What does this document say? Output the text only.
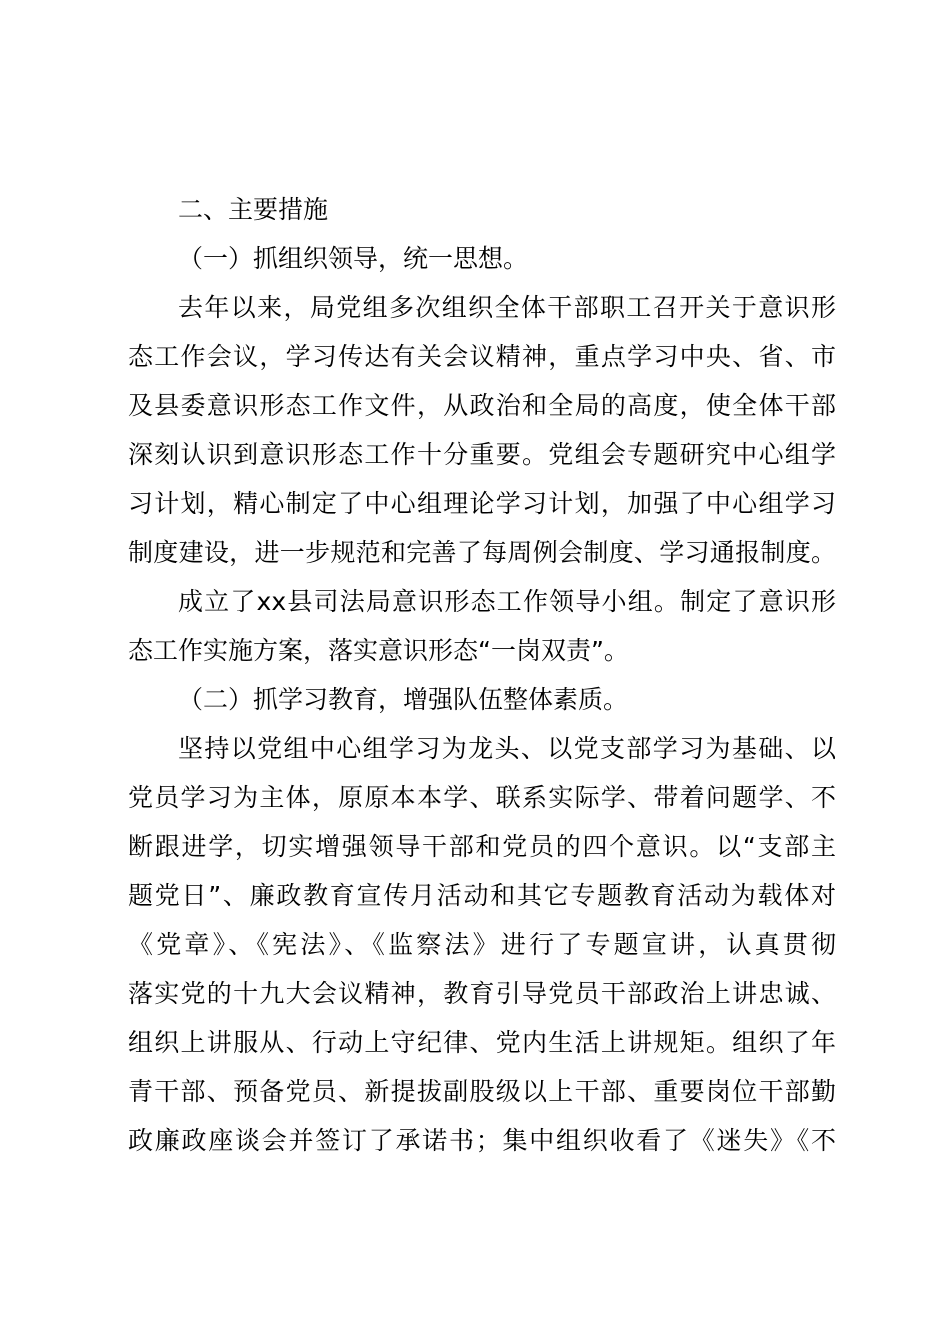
二、主要措施
（一）抓组织领导，统一思想。
去年以来，局党组多次组织全体干部职工召开关于意识形
态工作会议，学习传达有关会议精神，重点学习中央、省、市
及县委意识形态工作文件，从政治和全局的高度，使全体干部
深刻认识到意识形态工作十分重要。党组会专题研究中心组学
习计划，精心制定了中心组理论学习计划，加强了中心组学习
制度建设，进一步规范和完善了每周例会制度、学习通报制度。
成立了xx县司法局意识形态工作领导小组。制定了意识形
态工作实施方案，落实意识形态“一岗双责”。
（二）抓学习教育，增强队伍整体素质。
坚持以党组中心组学习为龙头、以党支部学习为基础、以
党员学习为主体，原原本本学、联系实际学、带着问题学、不
断跟进学，切实增强领导干部和党员的四个意识。以“支部主
题党日”、廉政教育宣传月活动和其它专题教育活动为载体对
《党章》、《宪法》、《监察法》进行了专题宣讲，认真贯彻
落实党的十九大会议精神，教育引导党员干部政治上讲忠诚、
组织上讲服从、行动上守纪律、党内生活上讲规矩。组织了年
青干部、预备党员、新提拔副股级以上干部、重要岗位干部勤
政廉政座谈会并签订了承诺书；集中组织收看了《迷失》《不
